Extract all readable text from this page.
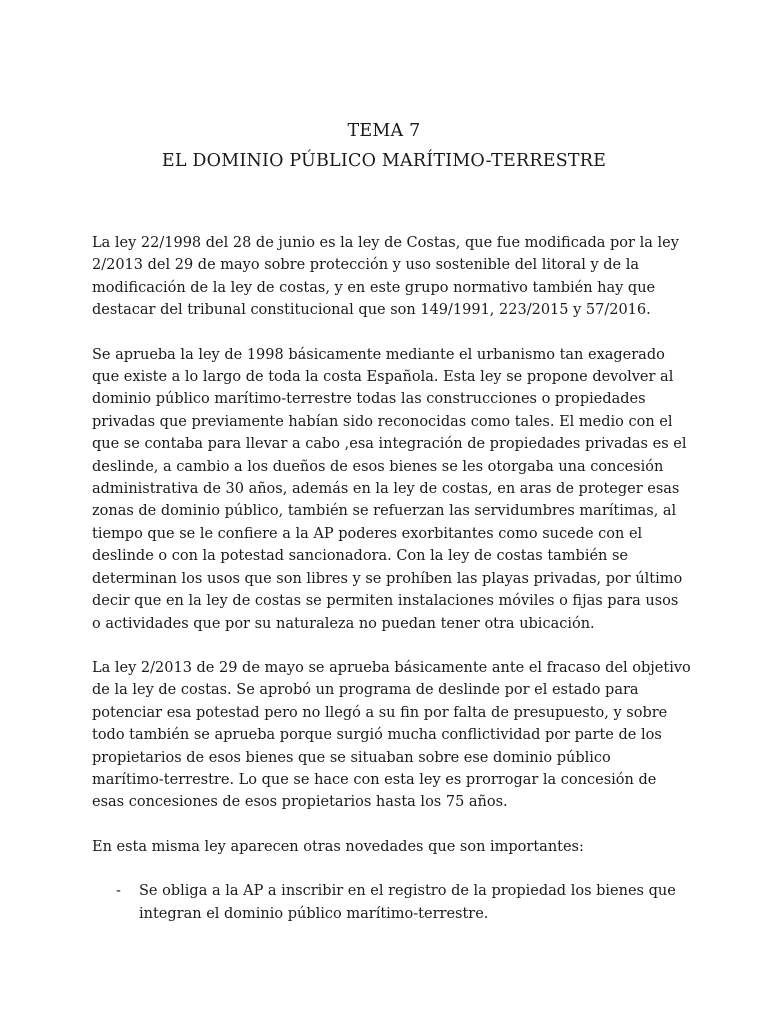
TEMA 7
EL DOMINIO PÚBLICO MARÍTIMO-TERRESTRE

La ley 22/1998 del 28 de junio es la ley de Costas, que fue modificada por la ley
2/2013 del 29 de mayo sobre protección y uso sostenible del litoral y de la
modificación de la ley de costas, y en este grupo normativo también hay que
destacar del tribunal constitucional que son 149/1991, 223/2015 y 57/2016.

Se aprueba la ley de 1998 básicamente mediante el urbanismo tan exagerado
que existe a lo largo de toda la costa Española. Esta ley se propone devolver al
dominio público marítimo-terrestre todas las construcciones o propiedades
privadas que previamente habían sido reconocidas como tales. El medio con el
que se contaba para llevar a cabo ,esa integración de propiedades privadas es el
deslinde, a cambio a los dueños de esos bienes se les otorgaba una concesión
administrativa de 30 años, además en la ley de costas, en aras de proteger esas
zonas de dominio público, también se refuerzan las servidumbres marítimas, al
tiempo que se le confiere a la AP poderes exorbitantes como sucede con el
deslinde o con la potestad sancionadora. Con la ley de costas también se
determinan los usos que son libres y se prohíben las playas privadas, por último
decir que en la ley de costas se permiten instalaciones móviles o fijas para usos
o actividades que por su naturaleza no puedan tener otra ubicación.

La ley 2/2013 de 29 de mayo se aprueba básicamente ante el fracaso del objetivo
de la ley de costas. Se aprobó un programa de deslinde por el estado para
potenciar esa potestad pero no llegó a su fin por falta de presupuesto, y sobre
todo también se aprueba porque surgió mucha conflictividad por parte de los
propietarios de esos bienes que se situaban sobre ese dominio público
marítimo-terrestre. Lo que se hace con esta ley es prorrogar la concesión de
esas concesiones de esos propietarios hasta los 75 años.

En esta misma ley aparecen otras novedades que son importantes:

- Se obliga a la AP a inscribir en el registro de la propiedad los bienes que
integran el dominio público marítimo-terrestre.
